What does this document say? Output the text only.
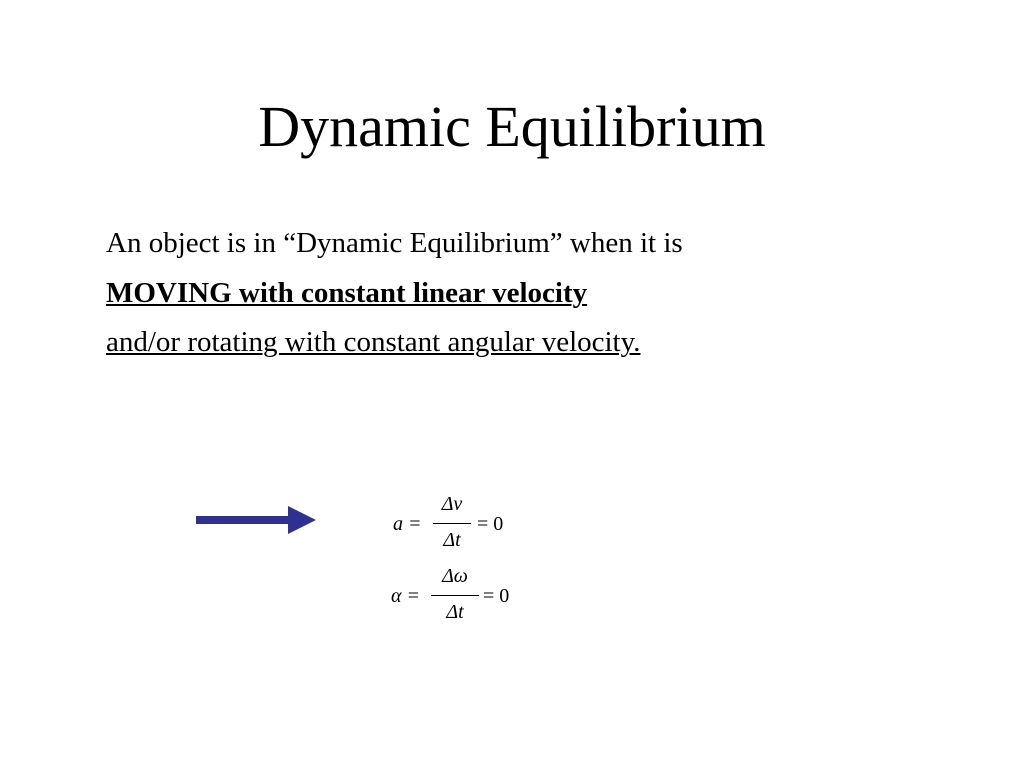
Dynamic Equilibrium
An object is in “Dynamic Equilibrium” when it is
MOVING with constant linear velocity
and/or rotating with constant angular velocity.
a =
Δv
Δt
= 0
α =
Δω
Δt
= 0
